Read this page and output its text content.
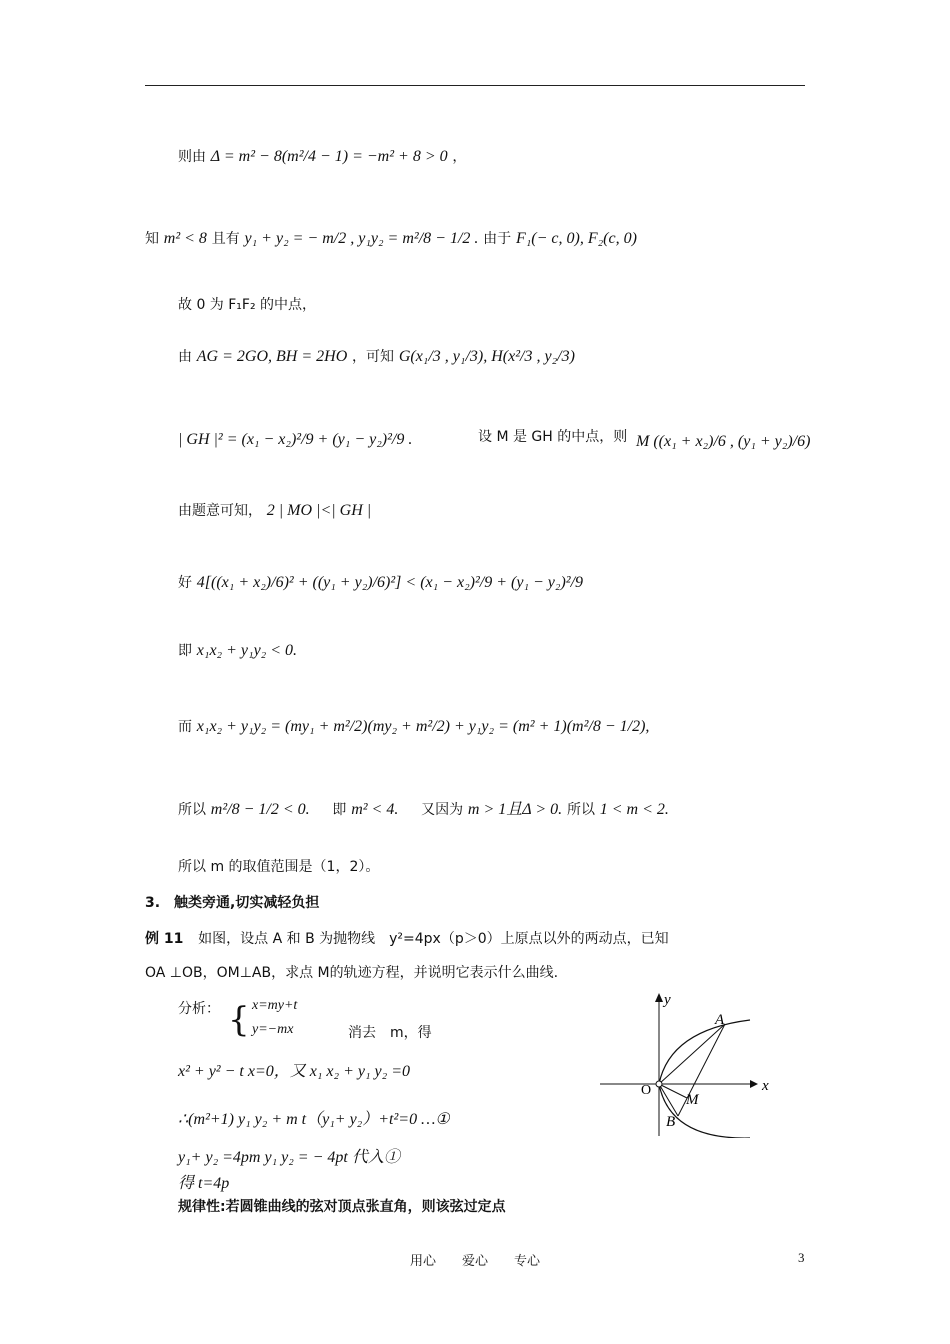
则由 Δ = m² − 8(m²/4 − 1) = −m² + 8 > 0 ，
知 m² < 8 且有 y₁ + y₂ = − m/2 , y₁y₂ = m²/8 − 1/2 . 由于 F₁(− c, 0), F₂(c, 0)
故 0 为 F₁F₂ 的中点，
由 AG = 2GO, BH = 2HO ，可知 G(x₁/3 , y₁/3), H(x²/3 , y₂/3)
| GH |² = (x₁ − x₂)²/9 + (y₁ − y₂)²/9 .	设 M 是 GH 的中点，则 M ((x₁ + x₂)/6 , (y₁ + y₂)/6)
由题意可知， 2 | MO |<| GH |
好 4[((x₁ + x₂)/6)² + ((y₁ + y₂)/6)²] < (x₁ − x₂)²/9 + (y₁ − y₂)²/9
即 x₁x₂ + y₁y₂ < 0.
而 x₁x₂ + y₁y₂ = (my₁ + m²/2)(my₂ + m²/2) + y₁y₂ = (m² + 1)(m²/8 − 1/2),
所以 m²/8 − 1/2 < 0. 即 m² < 4. 又因为 m > 1且Δ > 0. 所以 1 < m < 2.
所以 m 的取值范围是（1，2）。
3.　触类旁通,切实减轻负担
例 11 如图，设点 A 和 B 为抛物线　y²=4px（p＞0）上原点以外的两动点，已知
OA ⊥OB，OM⊥AB，求点 M的轨迹方程，并说明它表示什么曲线.
分析： { x=my+t
y=−mx	消去　m，得
x² + y² − t x=0，又 x₁ x₂ + y₁ y₂ =0
∴(m²+1) y₁ y₂ + m t（y₁+ y₂）+t²=0 …①
y₁+ y₂ =4pm y₁ y₂ = − 4pt 代入①
得 t=4p
规律性:若圆锥曲线的弦对顶点张直角，则该弦过定点
x
y
O
A
B
M
用心　　爱心　　专心	3
